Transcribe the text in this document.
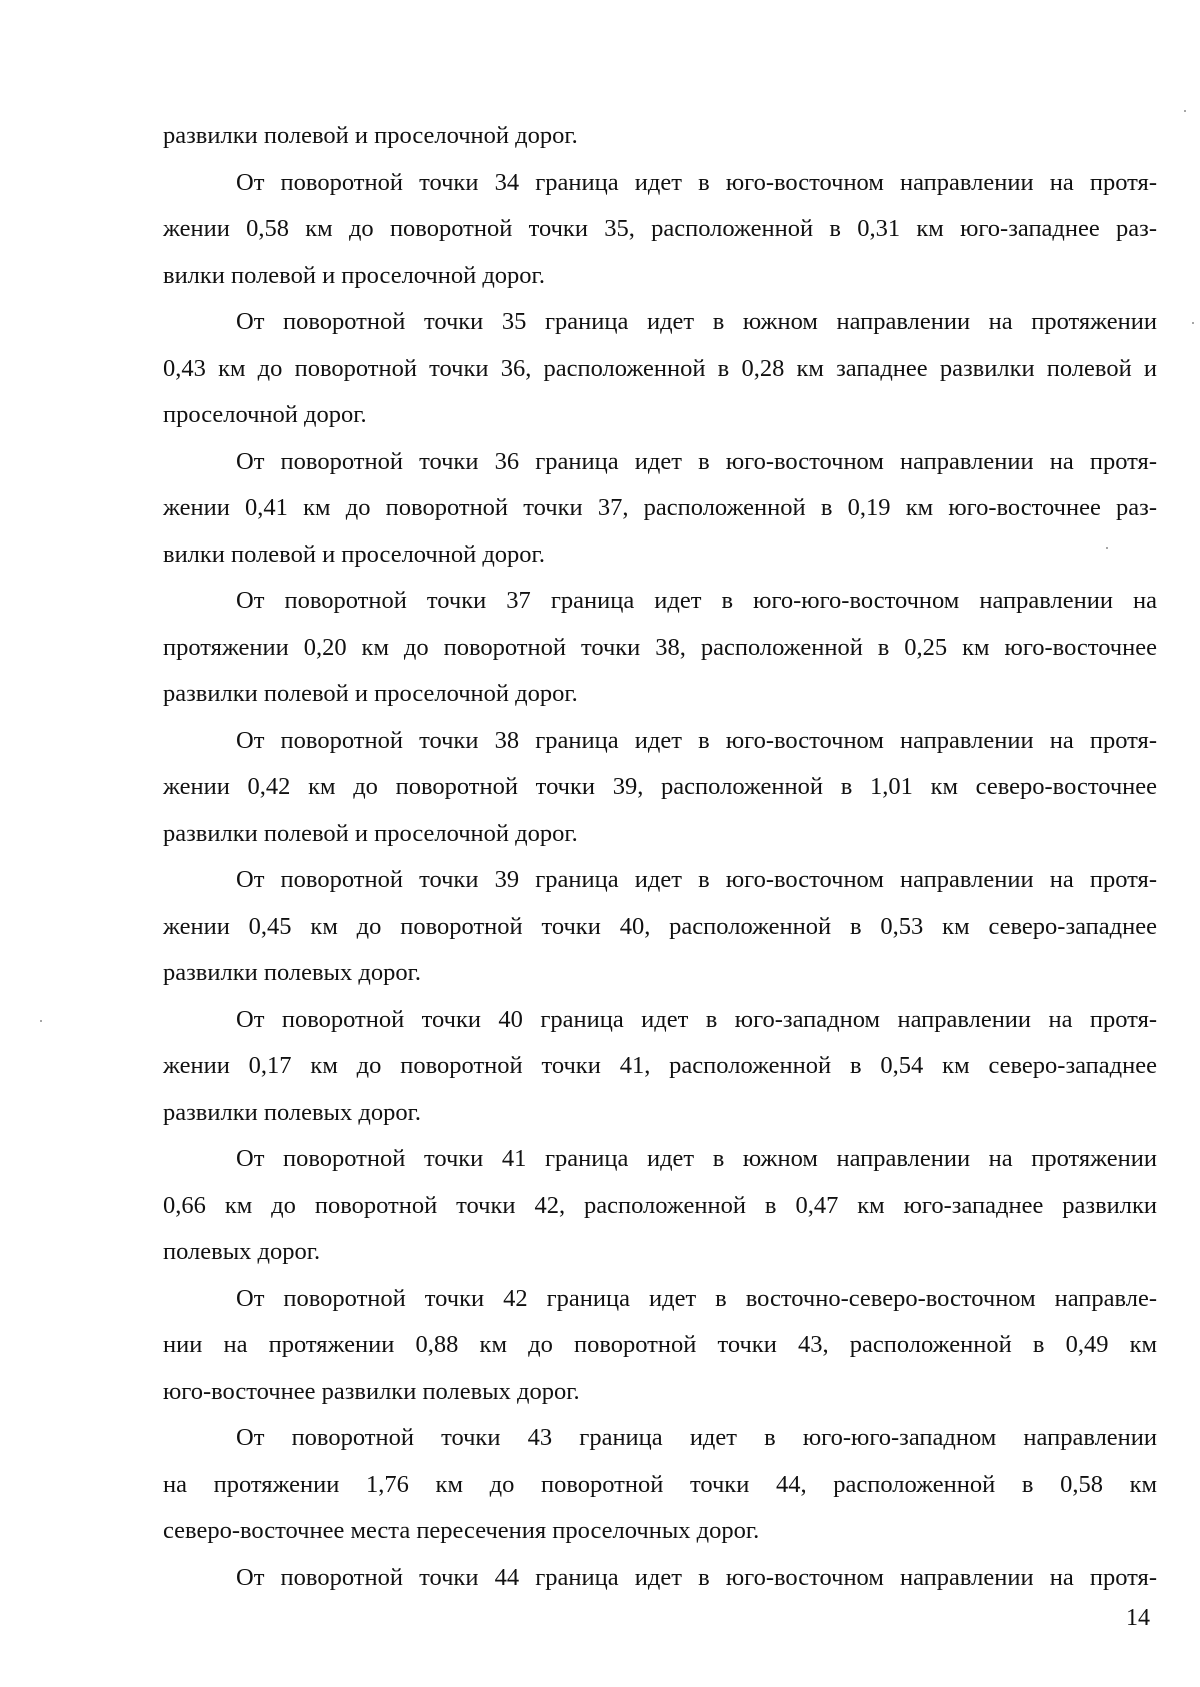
развилки полевой и проселочной дорог.
От поворотной точки 34 граница идет в юго-восточном направлении на протя-
жении 0,58 км до поворотной точки 35, расположенной в 0,31 км юго-западнее раз-
вилки полевой и проселочной дорог.
От поворотной точки 35 граница идет в южном направлении на протяжении
0,43 км до поворотной точки 36, расположенной в 0,28 км западнее развилки полевой и
проселочной дорог.
От поворотной точки 36 граница идет в юго-восточном направлении на протя-
жении 0,41 км до поворотной точки 37, расположенной в 0,19 км юго-восточнее раз-
вилки полевой и проселочной дорог.
От поворотной точки 37 граница идет в юго-юго-восточном направлении на
протяжении 0,20 км до поворотной точки 38, расположенной в 0,25 км юго-восточнее
развилки полевой и проселочной дорог.
От поворотной точки 38 граница идет в юго-восточном направлении на протя-
жении 0,42 км до поворотной точки 39, расположенной в 1,01 км северо-восточнее
развилки полевой и проселочной дорог.
От поворотной точки 39 граница идет в юго-восточном направлении на протя-
жении 0,45 км до поворотной точки 40, расположенной в 0,53 км северо-западнее
развилки полевых дорог.
От поворотной точки 40 граница идет в юго-западном направлении на протя-
жении 0,17 км до поворотной точки 41, расположенной в 0,54 км северо-западнее
развилки полевых дорог.
От поворотной точки 41 граница идет в южном направлении на протяжении
0,66 км до поворотной точки 42, расположенной в 0,47 км юго-западнее развилки
полевых дорог.
От поворотной точки 42 граница идет в восточно-северо-восточном направле-
нии на протяжении 0,88 км до поворотной точки 43, расположенной в 0,49 км
юго-восточнее развилки полевых дорог.
От поворотной точки 43 граница идет в юго-юго-западном направлении
на протяжении 1,76 км до поворотной точки 44, расположенной в 0,58 км
северо-восточнее места пересечения проселочных дорог.
От поворотной точки 44 граница идет в юго-восточном направлении на протя-
14
